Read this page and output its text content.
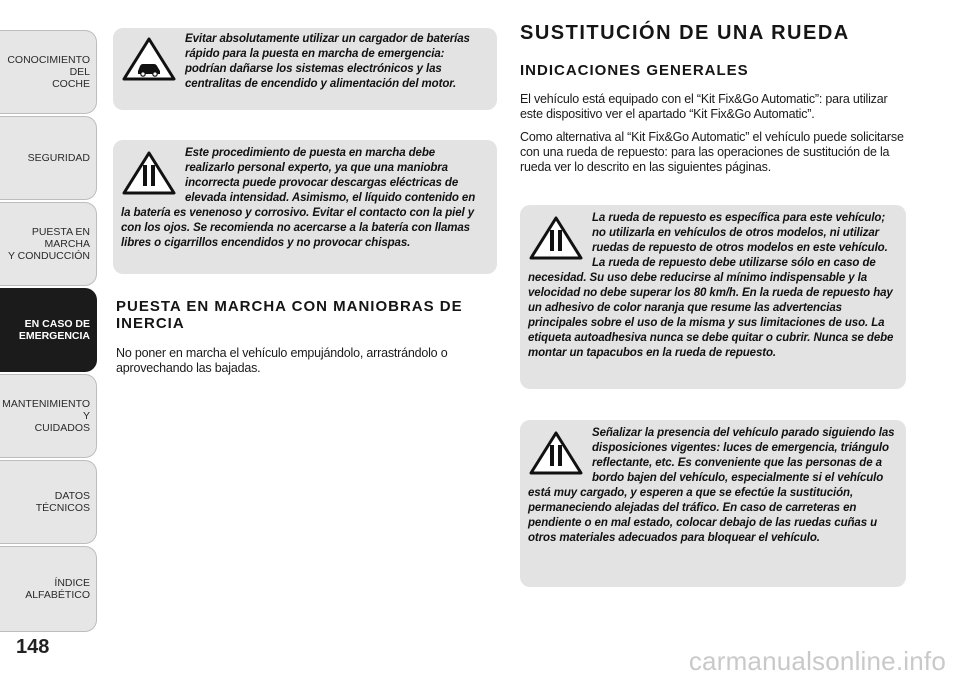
CONOCIMIENTO DEL
COCHE
SEGURIDAD
PUESTA EN MARCHA
Y CONDUCCIÓN
EN CASO DE
EMERGENCIA
MANTENIMIENTO Y
CUIDADOS
DATOS TÉCNICOS
ÍNDICE ALFABÉTICO
148
Evitar absolutamente utilizar un cargador de baterías rápido para la puesta en marcha de emergencia: podrían dañarse los sistemas electrónicos y las centralitas de encendido y alimentación del motor.
Este procedimiento de puesta en marcha debe realizarlo personal experto, ya que una maniobra incorrecta puede provocar descargas eléctricas de elevada intensidad. Asimismo, el líquido contenido en la batería es venenoso y corrosivo. Evitar el contacto con la piel y con los ojos. Se recomienda no acercarse a la batería con llamas libres o cigarrillos encendidos y no provocar chispas.
PUESTA EN MARCHA CON MANIOBRAS DE INERCIA

No poner en marcha el vehículo empujándolo, arrastrándolo o aprovechando las bajadas.

SUSTITUCIÓN DE UNA RUEDA
INDICACIONES GENERALES

El vehículo está equipado con el “Kit Fix&Go Automatic”: para utilizar este dispositivo ver el apartado “Kit Fix&Go Automatic”.

Como alternativa al “Kit Fix&Go Automatic” el vehículo puede solicitarse con una rueda de repuesto: para las operaciones de sustitución de la rueda ver lo descrito en las siguientes páginas.

La rueda de repuesto es específica para este vehículo; no utilizarla en vehículos de otros modelos, ni utilizar ruedas de repuesto de otros modelos en este vehículo. La rueda de repuesto debe utilizarse sólo en caso de necesidad. Su uso debe reducirse al mínimo indispensable y la velocidad no debe superar los 80 km/h. En la rueda de repuesto hay un adhesivo de color naranja que resume las advertencias principales sobre el uso de la misma y sus limitaciones de uso. La etiqueta autoadhesiva nunca se debe quitar o cubrir. Nunca se debe montar un tapacubos en la rueda de repuesto.
Señalizar la presencia del vehículo parado siguiendo las disposiciones vigentes: luces de emergencia, triángulo reflectante, etc. Es conveniente que las personas de a bordo bajen del vehículo, especialmente si el vehículo está muy cargado, y esperen a que se efectúe la sustitución, permaneciendo alejadas del tráfico. En caso de carreteras en pendiente o en mal estado, colocar debajo de las ruedas cuñas u otros materiales adecuados para bloquear el vehículo.
carmanualsonline.info
